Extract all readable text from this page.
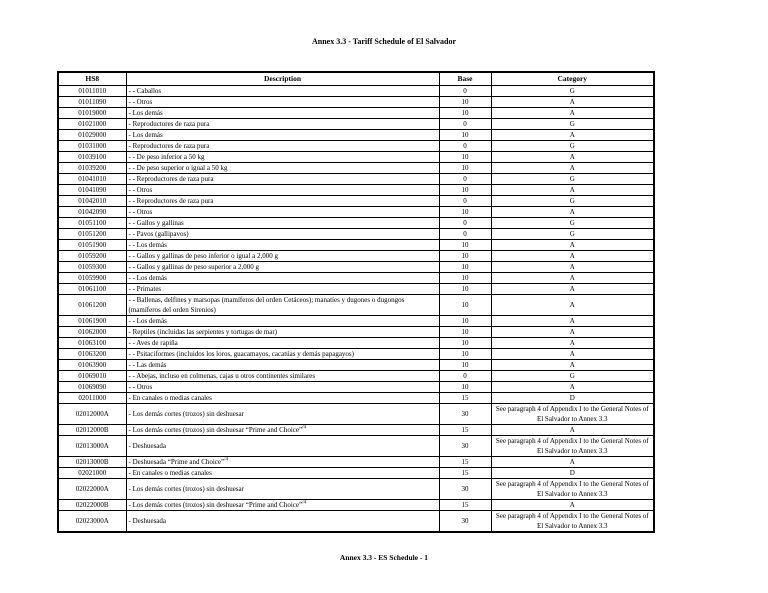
Annex 3.3 - Tariff Schedule of El Salvador
HS8	Description	Base	Category
01011010	- - Caballos	0	G
01011090	- - Otros	10	A
01019000	- Los demás	10	A
01021000	- Reproductores de raza pura	0	G
01029000	- Los demás	10	A
01031000	- Reproductores de raza pura	0	G
01039100	- - De peso inferior a 50 kg	10	A
01039200	- - De peso superior o igual a 50 kg	10	A
01041010	- - Reproductores de raza pura	0	G
01041090	- - Otros	10	A
01042010	- - Reproductores de raza pura	0	G
01042090	- - Otros	10	A
01051100	- - Gallos y gallinas	0	G
01051200	- - Pavos (gallipavos)	0	G
01051900	- - Los demás	10	A
01059200	- - Gallos y gallinas de peso inferior o igual a 2,000 g	10	A
01059300	- - Gallos y gallinas de peso superior a 2,000 g	10	A
01059900	- - Los demás	10	A
01061100	- - Primates	10	A
01061200	- - Ballenas, delfines y marsopas (mamíferos del orden Cetáceos); manatíes y dugones o dugongos (mamíferos del orden Sirenios)	10	A
01061900	- - Los demás	10	A
01062000	- Reptiles (incluidas las serpientes y tortugas de mar)	10	A
01063100	- - Aves de rapiña	10	A
01063200	- - Psitaciformes (incluidos los loros, guacamayos, cacatúas y demás papagayos)	10	A
01063900	- - Las demás	10	A
01069010	- - Abejas, incluso en colmenas, cajas u otros continentes similares	0	G
01069090	- - Otros	10	A
02011000	- En canales o medias canales	15	D
02012000A	- Los demás cortes (trozos) sin deshuesar	30	See paragraph 4 of Appendix I to the General Notes of El Salvador to Annex 3.3
02012000B	- Los demás cortes (trozos) sin deshuesar “Prime and Choice”$^{/4}$	15	A
02013000A	- Deshuesada	30	See paragraph 4 of Appendix I to the General Notes of El Salvador to Annex 3.3
02013000B	- Deshuesada “Prime and Choice”$^{/4}$	15	A
02021000	- En canales o medias canales	15	D
02022000A	- Los demás cortes (trozos) sin deshuesar	30	See paragraph 4 of Appendix I to the General Notes of El Salvador to Annex 3.3
02022000B	- Los demás cortes (trozos) sin deshuesar “Prime and Choice”$^{/4}$	15	A
02023000A	- Deshuesada	30	See paragraph 4 of Appendix I to the General Notes of El Salvador to Annex 3.3
Annex 3.3 - ES Schedule - 1
